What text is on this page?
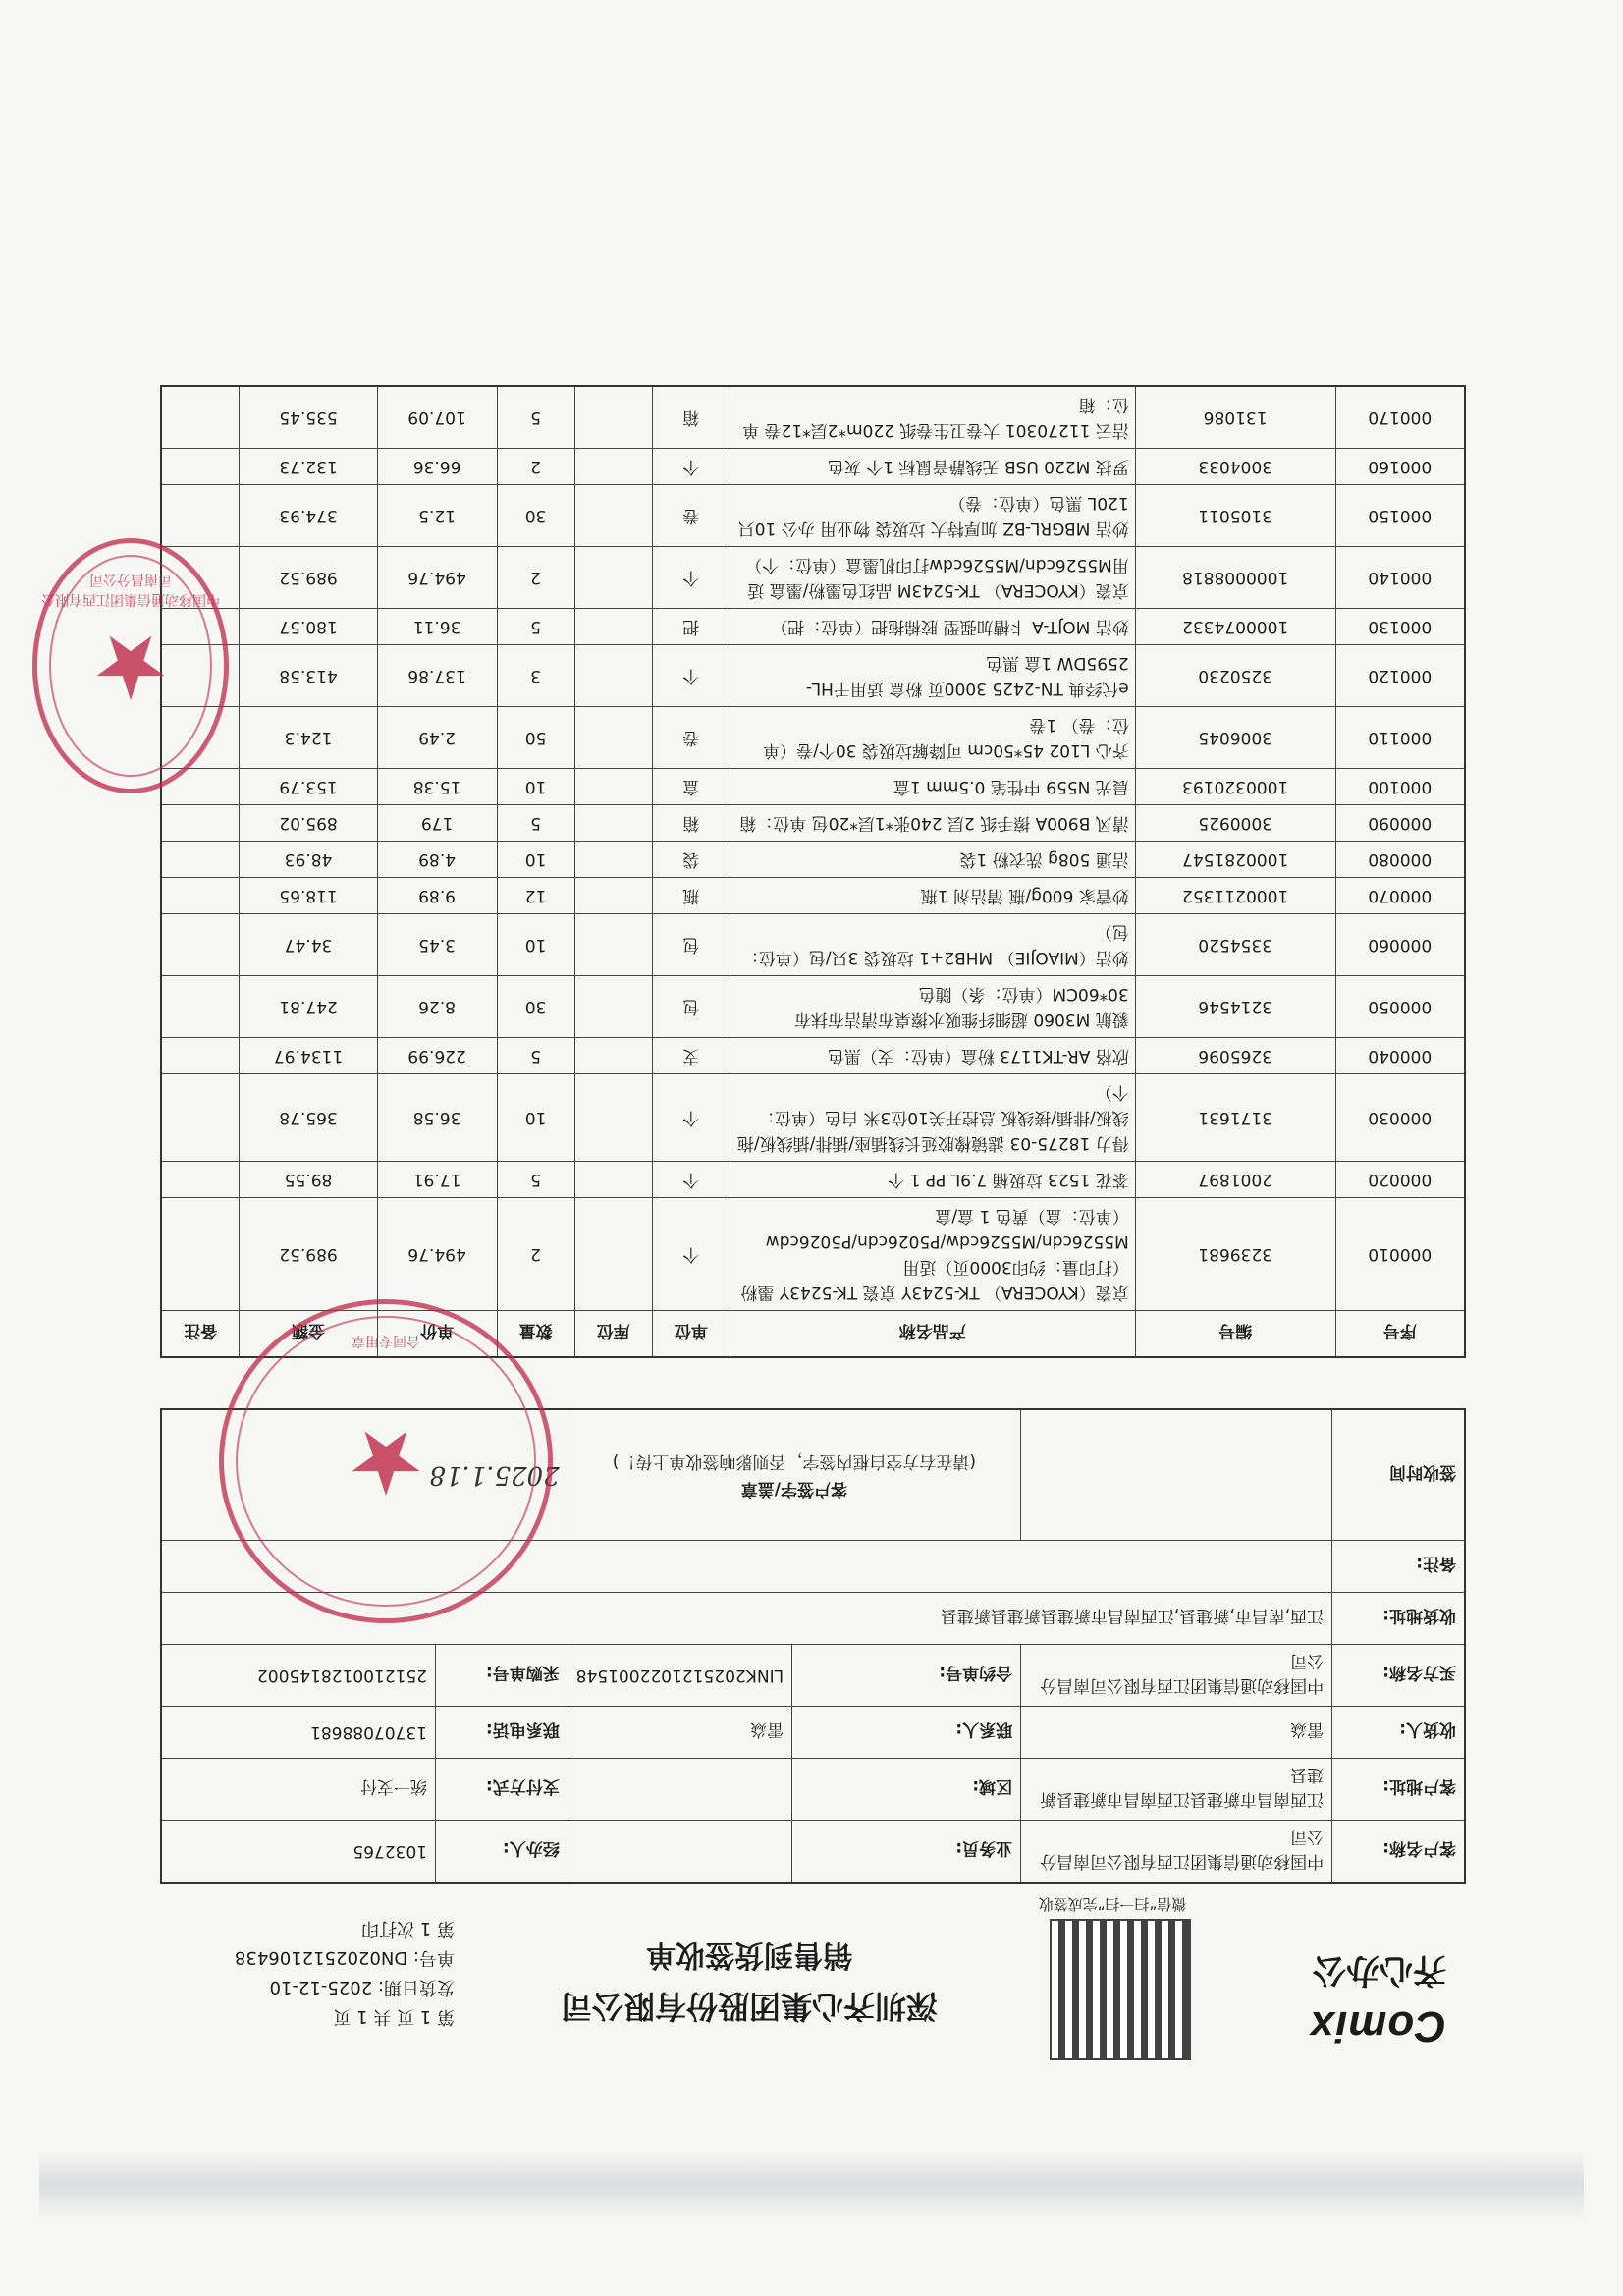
Comix
齐心办公
微信“扫一扫”完成签收
深圳齐心集团股份有限公司
销售到货签收单
第 1 页 共 1 页
发货日期: 2025-12-10
单号: DN0202512106438
第 1 次打印
客户名称:	中国移动通信集团江西有限公司南昌分公司	业务员:		经办人:	1032765
客户地址:	江西南昌市新建县江西南昌市新建县新建县	区域:		支付方式:	统一支付
收货人:	雷焱	联系人:	雷焱	联系电话:	13707088681
买方名称:	中国移动通信集团江西有限公司南昌分公司	合约单号:	LINK2025121022001548	采购单号:	2512100128145002
收货地址:	江西,南昌市,新建县,江西南昌市新建县新建县新建县				
备注:					
签收时间		客户签字/盖章
(请在右方空白框内签字，否则影响签收单上传！)		2025.1.18	
序号	编号	产品名称	单位	库位	数量	单价	金额	备注
000010	3239681	京瓷（KYOCERA） TK-5243Y 京瓷 TK-5243Y 墨粉（打印量：约印3000页）适用M5526cdn/M5526cdw/P5026cdn/P5026cdw（单位：盒）黄色 1 盒/盒	个		2	494.76	989.52	
000020	2001897	茶花 1523 垃圾桶 7.9L PP 1 个	个		5	17.91	89.55	
000030	3171631	得力 18275-03 滤镜橡胶延长线插座/插排/插线板/拖线板/排插/接线板 总控开关10位3米 白色（单位：个）	个		10	36.58	365.78	
000040	3265096	欣格 AR-TK1173 粉盒（单位：支）黑色	支		5	226.99	1134.97	
000050	3214546	毅航 M3060 超细纤维吸水擦桌布清洁布抹布 30*60CM（单位：条）随色	包		30	8.26	247.81	
000060	3354520	妙洁（MIAOJIE） MHB2+1 垃圾袋 3只/包（单位：包）	包		10	3.45	34.47	
000070	1000211352	妙管家 600g/瓶 清洁剂 1瓶	瓶		12	9.89	118.65	
000080	1000281547	洁通 508g 洗衣粉 1袋	袋		10	4.89	48.93	
000090	3000925	清风 B900A 擦手纸 2层 240张*1层*20包 单位：箱	箱		5	179	895.02	
000100	1000320193	晨光 N559 中性笔 0.5mm 1盒	盒		10	15.38	153.79	
000110	3006045	齐心 L102 45*50cm 可降解垃圾袋 30个/卷（单位：卷） 1卷	卷		50	2.49	124.3	
000120	3250230	e代经典 TN-2425 3000页 粉盒 适用于HL-2595DW 1盒 黑色	个		3	137.86	413.58	
000130	1000074332	妙洁 MOJT-A 卡槽加强型 胶棉拖把（单位：把）	把		5	36.11	180.57	
000140	1000008818	京瓷（KYOCERA） TK-5243M 品红色墨粉/墨盒 适用M5526cdn/M5526cdw打印机墨盒（单位：个）	个		2	494.76	989.52	
000150	3105011	妙洁 MBGRL-BZ 加厚特大 垃圾袋 物业用 办公 10只 120L 黑色（单位：卷）	卷		30	12.5	374.93	
000160	3004033	罗技 M220 USB 无线静音鼠标 1个 灰色	个		2	66.36	132.73	
000170	131086	洁云 11270301 大卷卫生卷纸 220m*2层*12卷 单位：箱	箱		5	107.09	535.45	
★
中国移动通信集团江西有限公司南昌分公司
★
合同专用章
